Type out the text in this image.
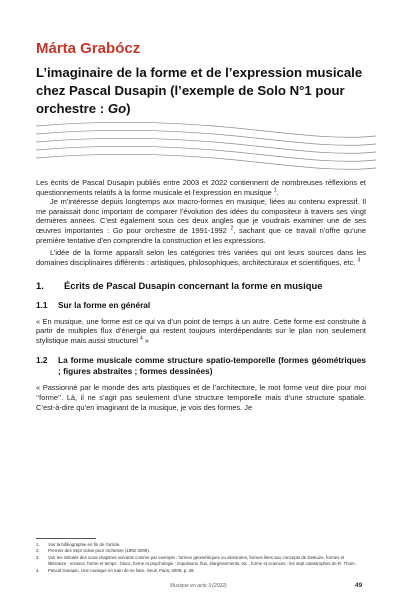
Márta Grabócz
L’imaginaire de la forme et de l’expression musicale chez Pascal Dusapin (l’exemple de Solo N°1 pour orchestre : Go)

Les écrits de Pascal Dusapin publiés entre 2003 et 2022 contiennent de nombreuses réflexions et questionnements relatifs à la forme musicale et l’expression en musique $^1$.

Je m’intéresse depuis longtemps aux macro-formes en musique, liées au contenu expressif. Il me paraissait donc important de comparer l’évolution des idées du compositeur à travers ses vingt dernières années. C’est également sous ces deux angles que je voudrais examiner une de ses œuvres importantes : Go pour orchestre de 1991-1992 $^2$, sachant que ce travail n’offre qu’une première tentative d’en comprendre la construction et les expressions.

L’idée de la forme apparaît selon les catégories très variées qui ont leurs sources dans les domaines disciplinaires différents : artistiques, philosophiques, architecturaux et scientifiques, etc. $^3$

1.	Écrits de Pascal Dusapin concernant la forme en musique
1.1	Sur la forme en général

« En musique, une forme est ce qui va d’un point de temps à un autre. Cette forme est construite à partir de multiples flux d’énergie qui restent toujours interdépendants sur le plan non seulement stylistique mais aussi structurel $^4$ »

1.2	La forme musicale comme structure spatio-temporelle (formes géométriques ; figures abstraites ; formes dessinées)

« Passionné par le monde des arts plastiques et de l’architecture, le mot forme veut dire pour moi ‘‘forme’’. Là, il ne s’agit pas seulement d’une structure temporelle mais d’une structure spatiale. C’est-à-dire qu’en imaginant de la musique, je vois des formes. Je

1.	Voir la bibliographie en fin de l’article.
2.	Premier des Sept Solos pour orchestre (1992-2009).
3.	Voir les intitulés des sous-chapitres suivants comme par exemple : formes géométriques ou dessinées, formes liées aux concepts de Deleuze, formes et littérature : errance, forme et temps : blocs, forme et psychologie : impulsions, flux, élargissements, etc., forme et sciences : les sept catastrophes de R. Thom.
4.	Pascal Dusapin, Une musique en train de se faire, Seuil, Paris, 2009, p. 28.
Musique en acte 3 (2022)	49
